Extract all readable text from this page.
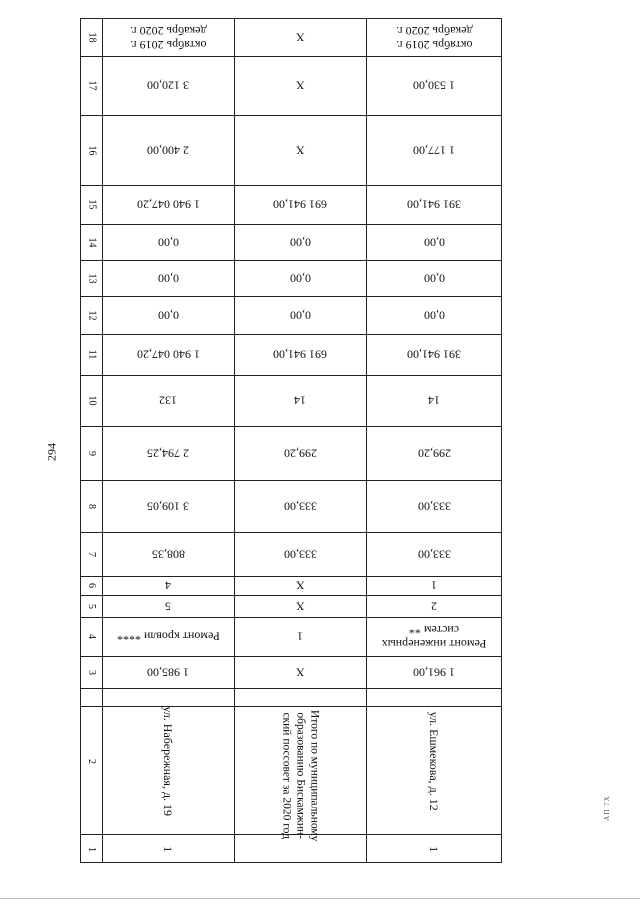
294
АП 7Х
18
17
16
15
14
13
12
11
10
9
8
7
6
5
4
3
2
1
октябрь 2019 г.
декабрь 2020 г.
3 120,00
2 400,00
1 940 047,20
0,00
0,00
0,00
1 940 047,20
132
2 794,25
3 109,05
808,35
4
5
Ремонт кровли ****
1 985,00
ул. Набережная, д. 19
1
X
X
X
691 941,00
0,00
0,00
0,00
691 941,00
14
299,20
333,00
333,00
X
X
1
X
Итого по муниципальному образованию Бискамжин-ский поссовет за 2020 год
октябрь 2019 г.
декабрь 2020 г.
1 530,00
1 177,00
391 941,00
0,00
0,00
0,00
391 941,00
14
299,20
333,00
333,00
1
2
Ремонт инженерных систем **
1 961,00
ул. Ешмекова, д. 12
1
